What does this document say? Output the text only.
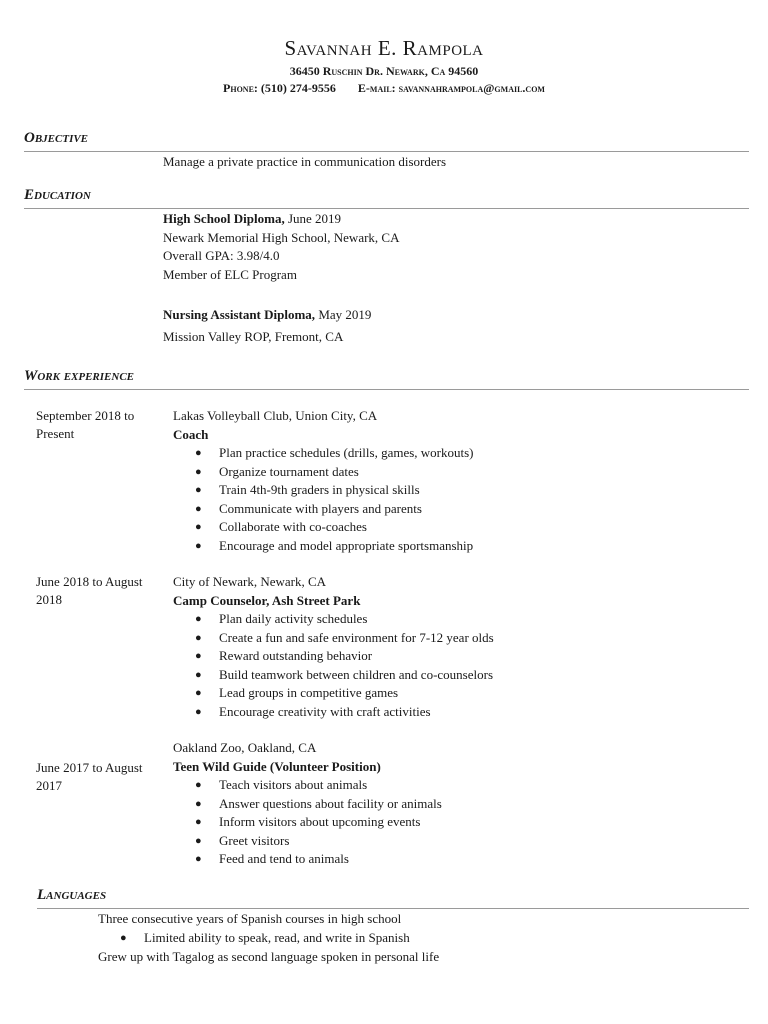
Savannah E. Rampola
36450 Ruschin Dr. Newark, Ca 94560
Phone: (510) 274-9556 E-mail: savannahrampola@gmail.com
Objective
Manage a private practice in communication disorders
Education
High School Diploma, June 2019
Newark Memorial High School, Newark, CA
Overall GPA: 3.98/4.0
Member of ELC Program
Nursing Assistant Diploma, May 2019
Mission Valley ROP, Fremont, CA
Work experience
September 2018 to Present
Lakas Volleyball Club, Union City, CA
Coach
● Plan practice schedules (drills, games, workouts)
● Organize tournament dates
● Train 4th-9th graders in physical skills
● Communicate with players and parents
● Collaborate with co-coaches
● Encourage and model appropriate sportsmanship
June 2018 to August 2018
City of Newark, Newark, CA
Camp Counselor, Ash Street Park
● Plan daily activity schedules
● Create a fun and safe environment for 7-12 year olds
● Reward outstanding behavior
● Build teamwork between children and co-counselors
● Lead groups in competitive games
● Encourage creativity with craft activities
Oakland Zoo, Oakland, CA
June 2017 to August 2017
Teen Wild Guide (Volunteer Position)
● Teach visitors about animals
● Answer questions about facility or animals
● Inform visitors about upcoming events
● Greet visitors
● Feed and tend to animals
Languages
Three consecutive years of Spanish courses in high school
● Limited ability to speak, read, and write in Spanish
Grew up with Tagalog as second language spoken in personal life
